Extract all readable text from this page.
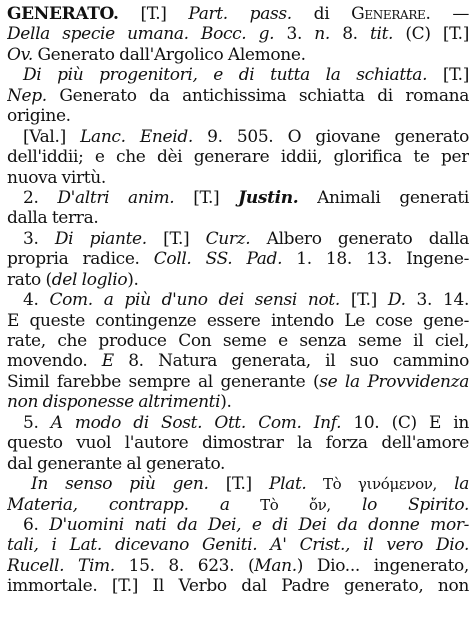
GENERATO. [T.] Part. pass. di Generare. —
Della specie umana. Bocc. g. 3. n. 8. tit. (C) [T.]
Ov. Generato dall'Argolico Alemone.
Di più progenitori, e di tutta la schiatta. [T.]
Nep. Generato da antichissima schiatta di romana
origine.
[Val.] Lanc. Eneid. 9. 505. O giovane generato
dell'iddii; e che dèi generare iddii, glorifica te per
nuova virtù.
2. D'altri anim. [T.] Justin. Animali generati
dalla terra.
3. Di piante. [T.] Curz. Albero generato dalla
propria radice. Coll. SS. Pad. 1. 18. 13. Ingene-
rato (del loglio).
4. Com. a più d'uno dei sensi not. [T.] D. 3. 14.
E queste contingenze essere intendo Le cose gene-
rate, che produce Con seme e senza seme il ciel,
movendo. E 8. Natura generata, il suo cammino
Simil farebbe sempre al generante (se la Provvidenza
non disponesse altrimenti).
5. A modo di Sost. Ott. Com. Inf. 10. (C) E in
questo vuol l'autore dimostrar la forza dell'amore
dal generante al generato.
In senso più gen. [T.] Plat. Τὸ γινόμενον, la
Materia, contrapp. a Τὸ ὄν, lo Spirito.
6. D'uomini nati da Dei, e di Dei da donne mor-
tali, i Lat. dicevano Geniti. A' Crist., il vero Dio.
Rucell. Tim. 15. 8. 623. (Man.) Dio... ingenerato,
immortale. [T.] Il Verbo dal Padre generato, non
